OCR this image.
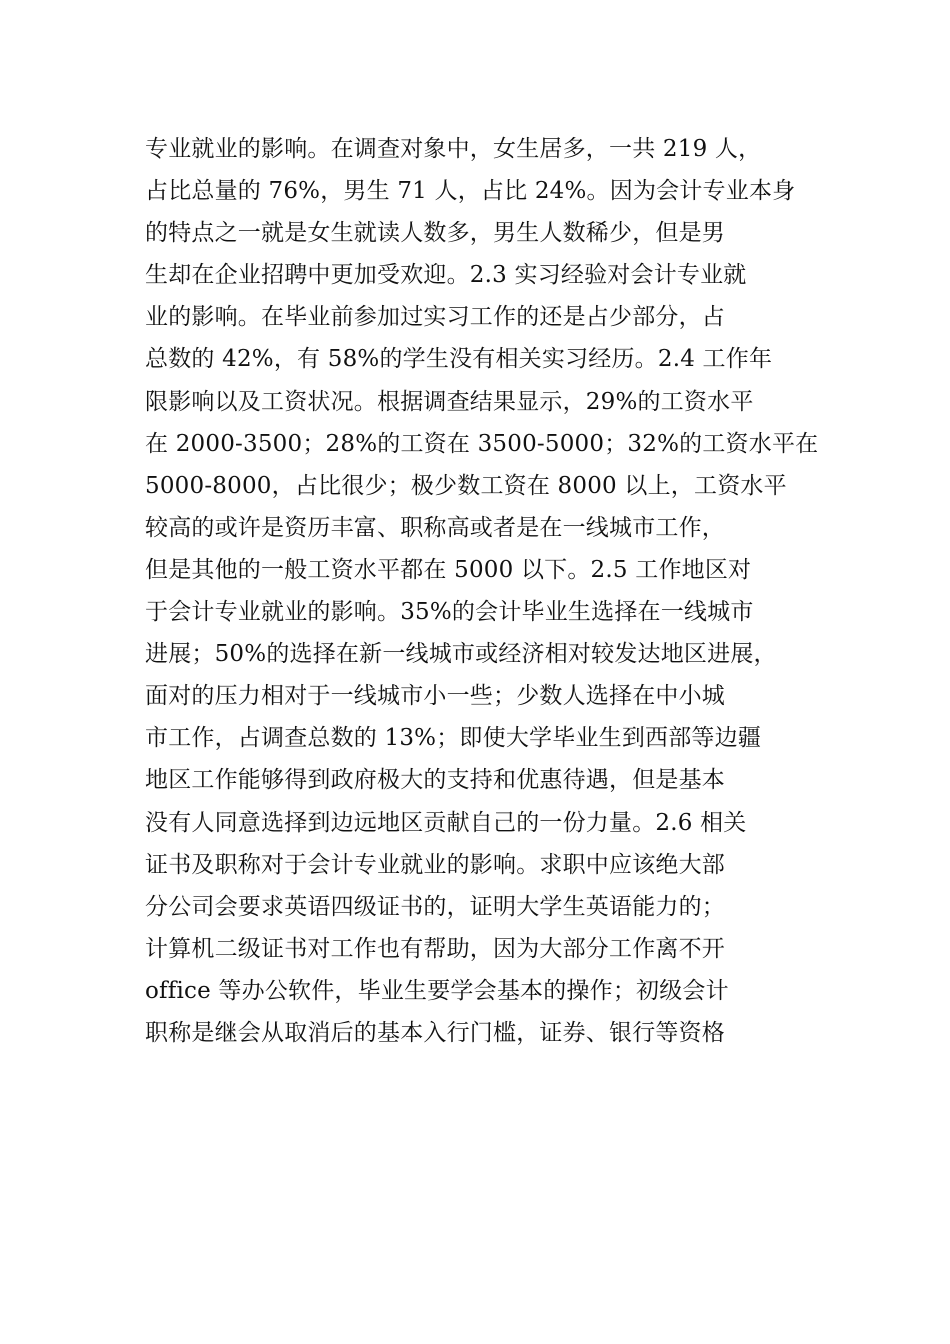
专业就业的影响。在调查对象中，女生居多，一共 219 人，
占比总量的 76%，男生 71 人，占比 24%。因为会计专业本身
的特点之一就是女生就读人数多，男生人数稀少，但是男
生却在企业招聘中更加受欢迎。2.3 实习经验对会计专业就
业的影响。在毕业前参加过实习工作的还是占少部分，占
总数的 42%，有 58%的学生没有相关实习经历。2.4 工作年
限影响以及工资状况。根据调查结果显示，29%的工资水平
在 2000-3500；28%的工资在 3500-5000；32%的工资水平在
5000-8000，占比很少；极少数工资在 8000 以上，工资水平
较高的或许是资历丰富、职称高或者是在一线城市工作，
但是其他的一般工资水平都在 5000 以下。2.5 工作地区对
于会计专业就业的影响。35%的会计毕业生选择在一线城市
进展；50%的选择在新一线城市或经济相对较发达地区进展，
面对的压力相对于一线城市小一些；少数人选择在中小城
市工作，占调查总数的 13%；即使大学毕业生到西部等边疆
地区工作能够得到政府极大的支持和优惠待遇，但是基本
没有人同意选择到边远地区贡献自己的一份力量。2.6 相关
证书及职称对于会计专业就业的影响。求职中应该绝大部
分公司会要求英语四级证书的，证明大学生英语能力的；
计算机二级证书对工作也有帮助，因为大部分工作离不开
office 等办公软件，毕业生要学会基本的操作；初级会计
职称是继会从取消后的基本入行门槛，证券、银行等资格
